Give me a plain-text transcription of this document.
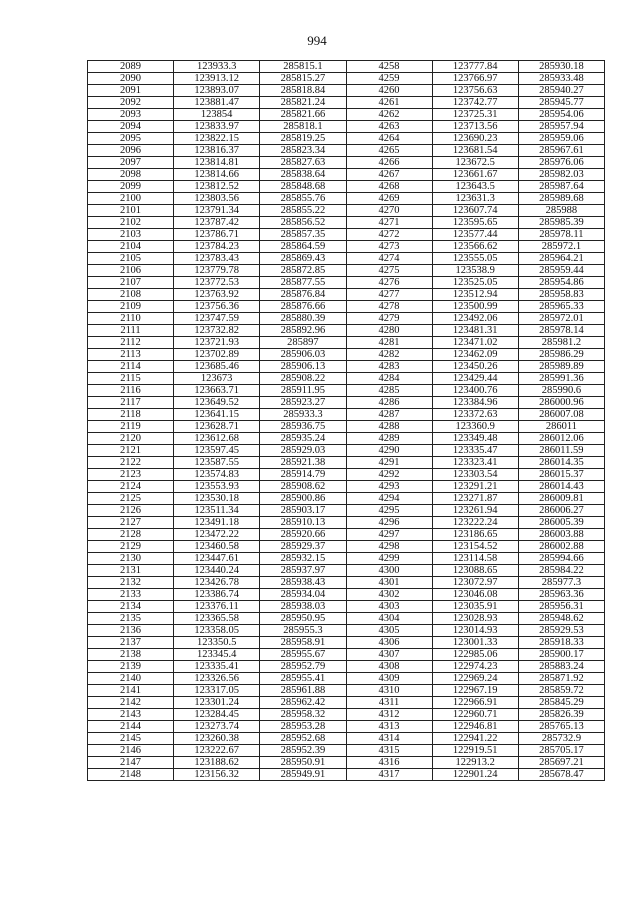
994
2089	123933.3	285815.1	4258	123777.84	285930.18
2090	123913.12	285815.27	4259	123766.97	285933.48
2091	123893.07	285818.84	4260	123756.63	285940.27
2092	123881.47	285821.24	4261	123742.77	285945.77
2093	123854	285821.66	4262	123725.31	285954.06
2094	123833.97	285818.1	4263	123713.56	285957.94
2095	123822.15	285819.25	4264	123690.23	285959.06
2096	123816.37	285823.34	4265	123681.54	285967.61
2097	123814.81	285827.63	4266	123672.5	285976.06
2098	123814.66	285838.64	4267	123661.67	285982.03
2099	123812.52	285848.68	4268	123643.5	285987.64
2100	123803.56	285855.76	4269	123631.3	285989.68
2101	123791.34	285855.22	4270	123607.74	285988
2102	123787.42	285856.52	4271	123595.65	285985.39
2103	123786.71	285857.35	4272	123577.44	285978.11
2104	123784.23	285864.59	4273	123566.62	285972.1
2105	123783.43	285869.43	4274	123555.05	285964.21
2106	123779.78	285872.85	4275	123538.9	285959.44
2107	123772.53	285877.55	4276	123525.05	285954.86
2108	123763.92	285876.84	4277	123512.94	285958.83
2109	123756.36	285876.66	4278	123500.99	285965.33
2110	123747.59	285880.39	4279	123492.06	285972.01
2111	123732.82	285892.96	4280	123481.31	285978.14
2112	123721.93	285897	4281	123471.02	285981.2
2113	123702.89	285906.03	4282	123462.09	285986.29
2114	123685.46	285906.13	4283	123450.26	285989.89
2115	123673	285908.22	4284	123429.44	285991.36
2116	123663.71	285911.95	4285	123400.76	285990.6
2117	123649.52	285923.27	4286	123384.96	286000.96
2118	123641.15	285933.3	4287	123372.63	286007.08
2119	123628.71	285936.75	4288	123360.9	286011
2120	123612.68	285935.24	4289	123349.48	286012.06
2121	123597.45	285929.03	4290	123335.47	286011.59
2122	123587.55	285921.38	4291	123323.41	286014.35
2123	123574.83	285914.79	4292	123303.54	286015.37
2124	123553.93	285908.62	4293	123291.21	286014.43
2125	123530.18	285900.86	4294	123271.87	286009.81
2126	123511.34	285903.17	4295	123261.94	286006.27
2127	123491.18	285910.13	4296	123222.24	286005.39
2128	123472.22	285920.66	4297	123186.65	286003.88
2129	123460.58	285929.37	4298	123154.52	286002.88
2130	123447.61	285932.15	4299	123114.58	285994.66
2131	123440.24	285937.97	4300	123088.65	285984.22
2132	123426.78	285938.43	4301	123072.97	285977.3
2133	123386.74	285934.04	4302	123046.08	285963.36
2134	123376.11	285938.03	4303	123035.91	285956.31
2135	123365.58	285950.95	4304	123028.93	285948.62
2136	123358.05	285955.3	4305	123014.93	285929.53
2137	123350.5	285958.91	4306	123001.33	285918.33
2138	123345.4	285955.67	4307	122985.06	285900.17
2139	123335.41	285952.79	4308	122974.23	285883.24
2140	123326.56	285955.41	4309	122969.24	285871.92
2141	123317.05	285961.88	4310	122967.19	285859.72
2142	123301.24	285962.42	4311	122966.91	285845.29
2143	123284.45	285958.32	4312	122960.71	285826.39
2144	123273.74	285953.28	4313	122946.81	285765.13
2145	123260.38	285952.68	4314	122941.22	285732.9
2146	123222.67	285952.39	4315	122919.51	285705.17
2147	123188.62	285950.91	4316	122913.2	285697.21
2148	123156.32	285949.91	4317	122901.24	285678.47
